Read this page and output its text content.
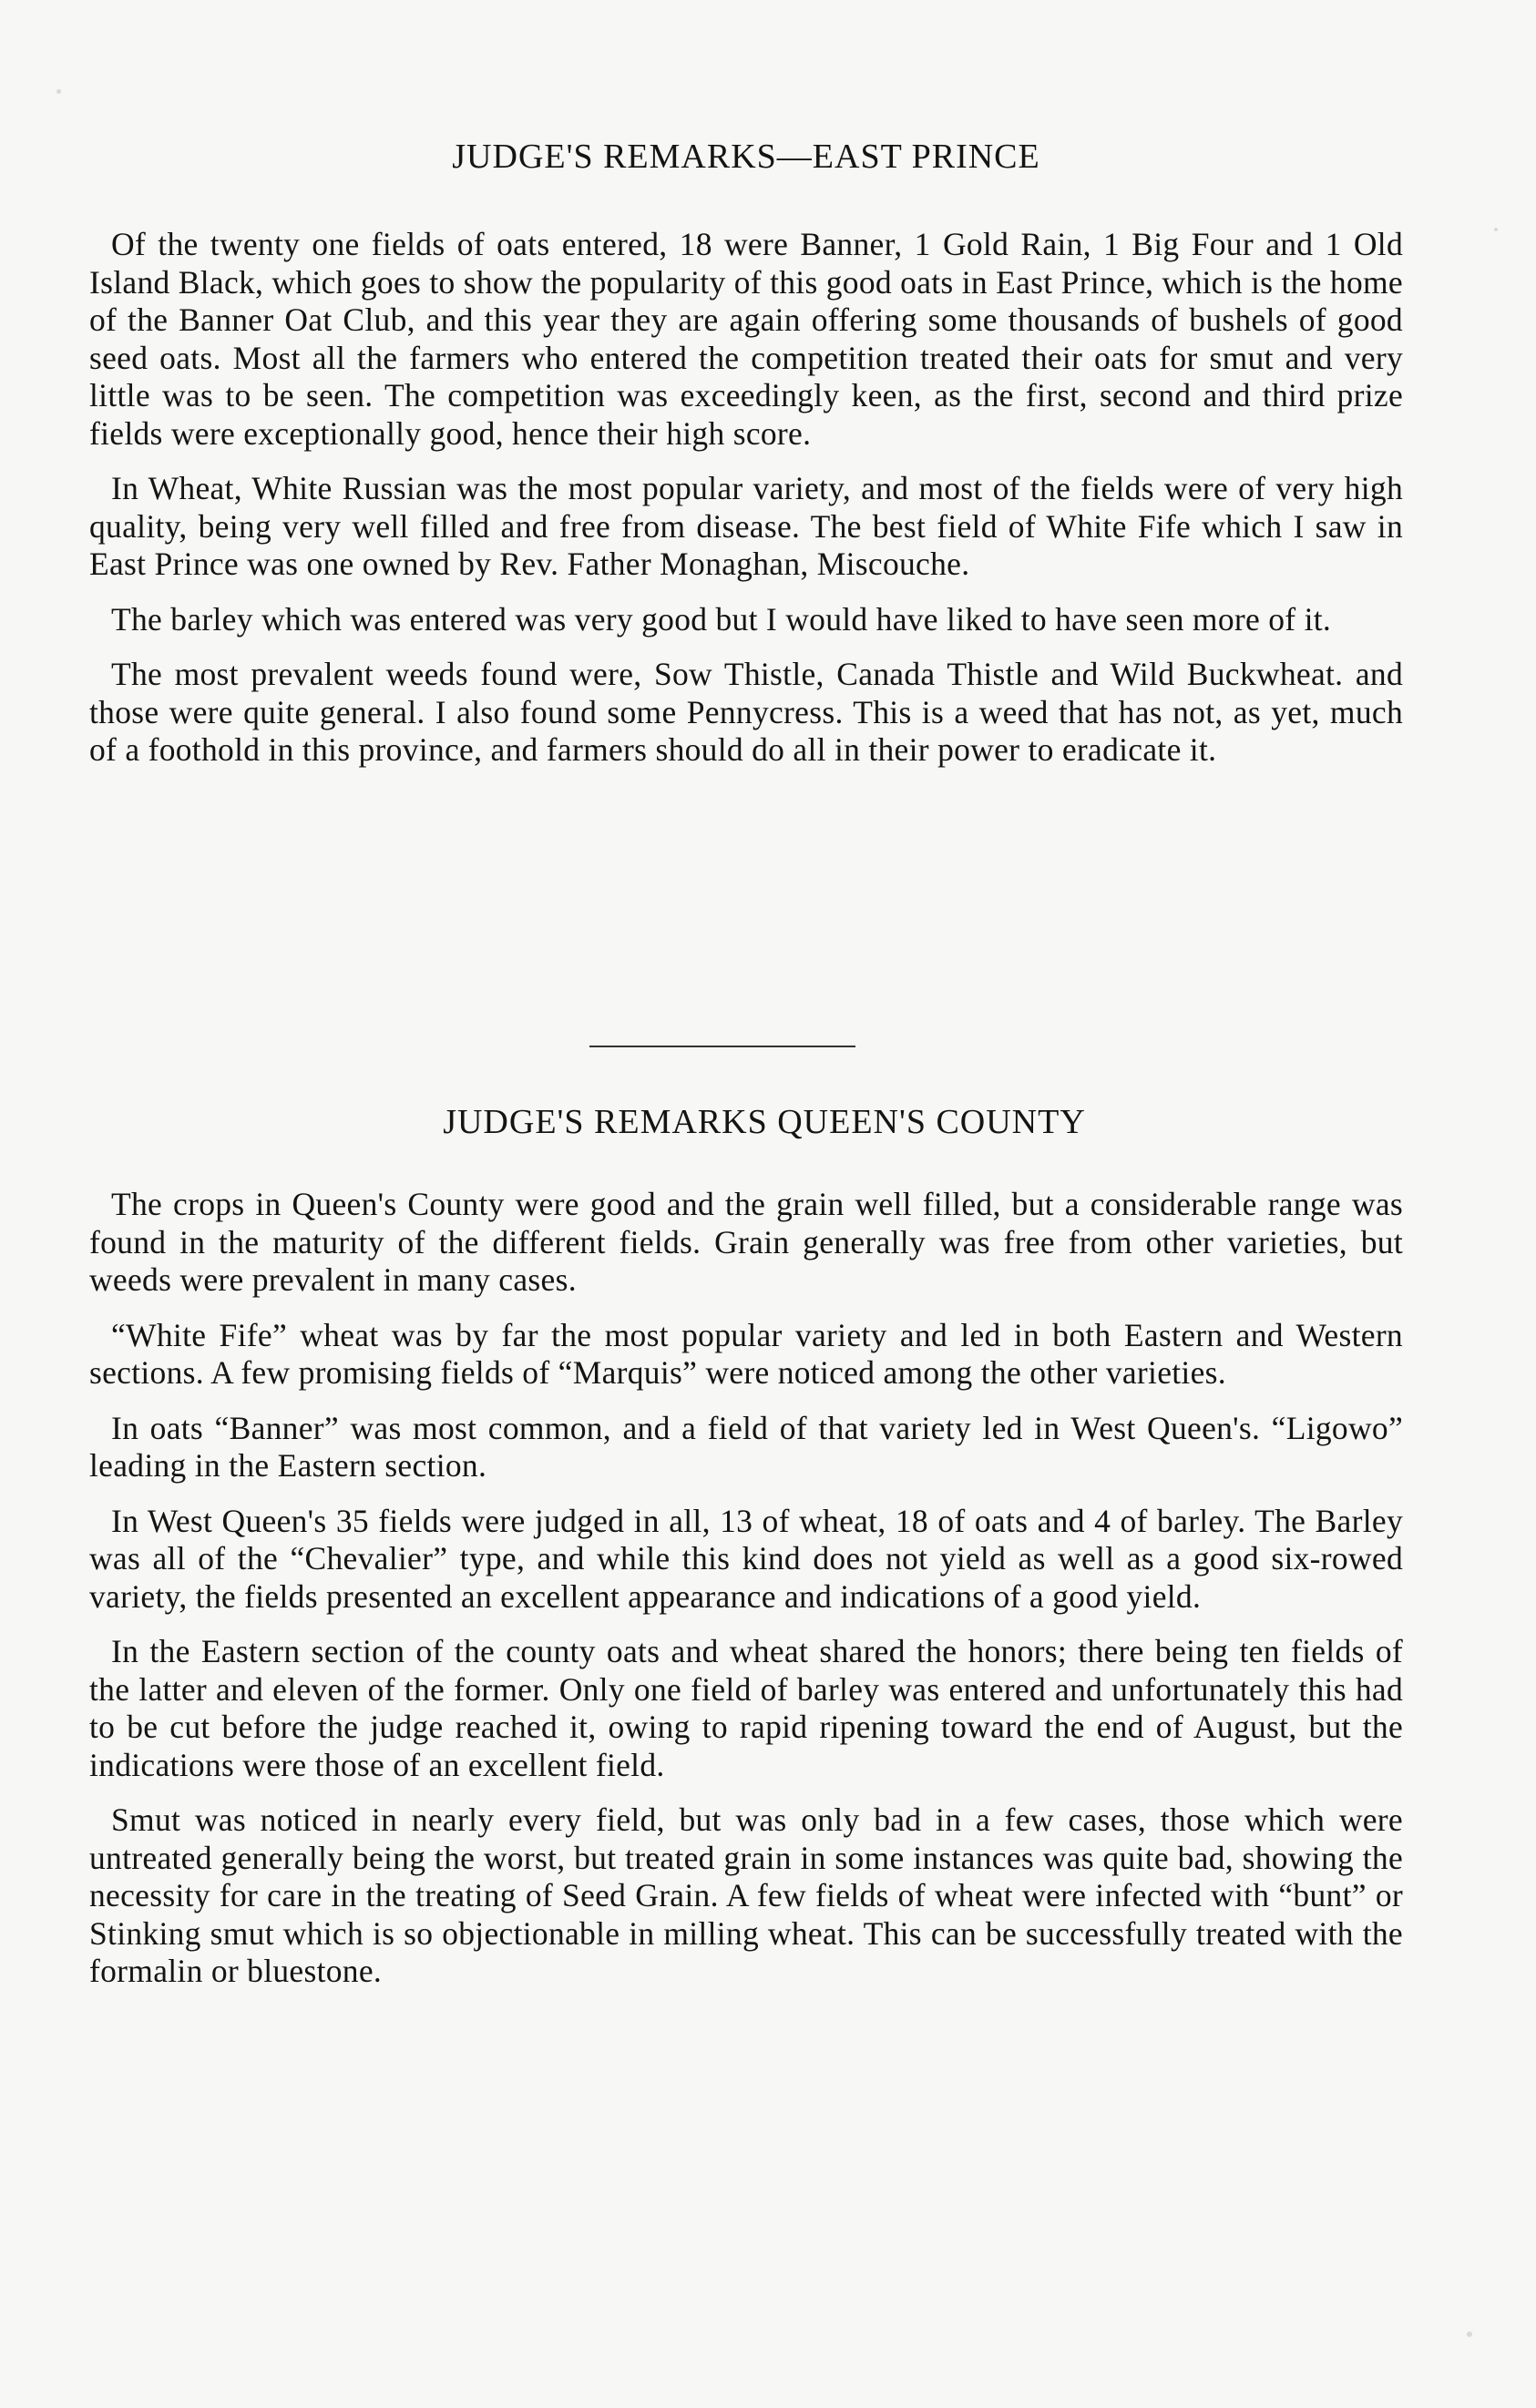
JUDGE'S REMARKS—EAST PRINCE

Of the twenty one fields of oats entered, 18 were Banner, 1 Gold Rain, 1 Big Four and 1 Old Island Black, which goes to show the popularity of this good oats in East Prince, which is the home of the Banner Oat Club, and this year they are again offering some thousands of bushels of good seed oats. Most all the farmers who entered the competition treated their oats for smut and very little was to be seen. The competition was exceedingly keen, as the first, second and third prize fields were exceptionally good, hence their high score.

In Wheat, White Russian was the most popular variety, and most of the fields were of very high quality, being very well filled and free from disease. The best field of White Fife which I saw in East Prince was one owned by Rev. Father Monaghan, Miscouche.

The barley which was entered was very good but I would have liked to have seen more of it.

The most prevalent weeds found were, Sow Thistle, Canada Thistle and Wild Buckwheat. and those were quite general. I also found some Pennycress. This is a weed that has not, as yet, much of a foothold in this province, and farmers should do all in their power to eradicate it.

JUDGE'S REMARKS QUEEN'S COUNTY

The crops in Queen's County were good and the grain well filled, but a considerable range was found in the maturity of the different fields. Grain generally was free from other varieties, but weeds were prevalent in many cases.

“White Fife” wheat was by far the most popular variety and led in both Eastern and Western sections. A few promising fields of “Marquis” were noticed among the other varieties.

In oats “Banner” was most common, and a field of that variety led in West Queen's. “Ligowo” leading in the Eastern section.

In West Queen's 35 fields were judged in all, 13 of wheat, 18 of oats and 4 of barley. The Barley was all of the “Chevalier” type, and while this kind does not yield as well as a good six-rowed variety, the fields presented an excellent appearance and indications of a good yield.

In the Eastern section of the county oats and wheat shared the honors; there being ten fields of the latter and eleven of the former. Only one field of barley was entered and unfortunately this had to be cut before the judge reached it, owing to rapid ripening toward the end of August, but the indications were those of an excellent field.

Smut was noticed in nearly every field, but was only bad in a few cases, those which were untreated generally being the worst, but treated grain in some instances was quite bad, showing the necessity for care in the treating of Seed Grain. A few fields of wheat were infected with “bunt” or Stinking smut which is so objectionable in milling wheat. This can be successfully treated with the formalin or bluestone.
